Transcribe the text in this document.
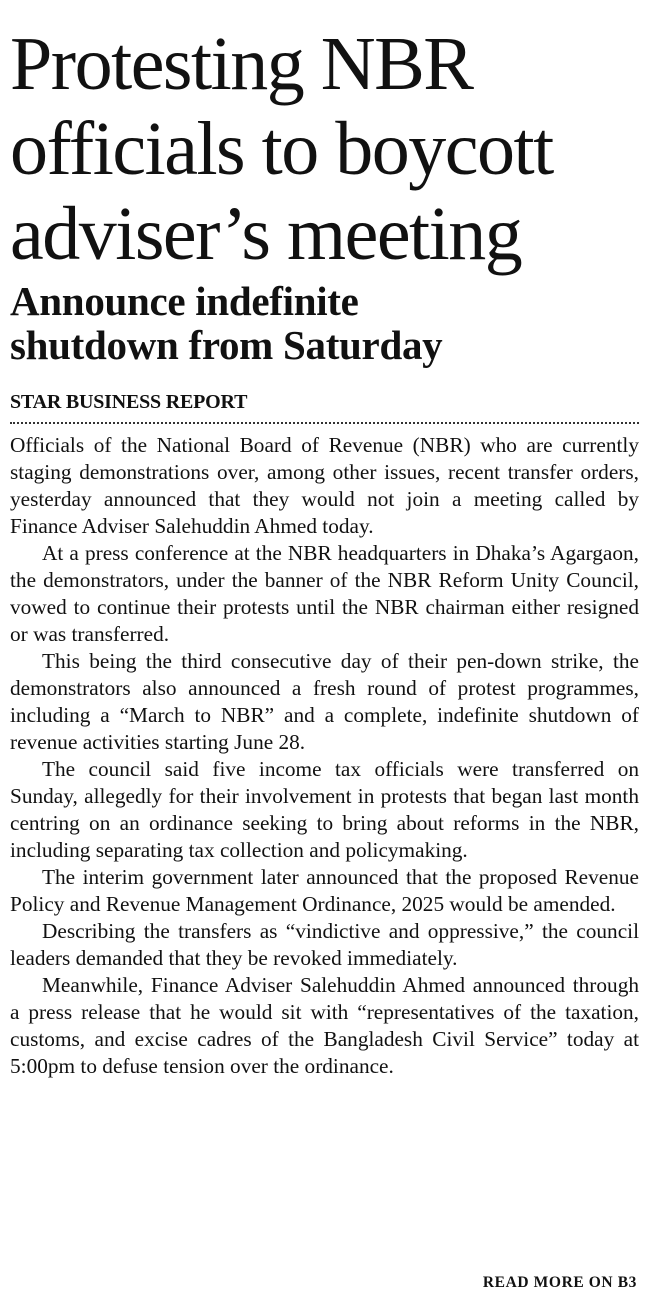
Protesting NBR
officials to boycott
adviser’s meeting
Announce indefinite
shutdown from Saturday
STAR BUSINESS REPORT

Officials of the National Board of Revenue (NBR) who are currently staging demonstrations over, among other issues, recent transfer orders, yesterday announced that they would not join a meeting called by Finance Adviser Salehuddin Ahmed today.

At a press conference at the NBR headquarters in Dhaka’s Agargaon, the demonstrators, under the banner of the NBR Reform Unity Council, vowed to continue their protests until the NBR chairman either resigned or was transferred.

This being the third consecutive day of their pen-down strike, the demonstrators also announced a fresh round of protest programmes, including a “March to NBR” and a complete, indefinite shutdown of revenue activities starting June 28.

The council said five income tax officials were transferred on Sunday, allegedly for their involvement in protests that began last month centring on an ordinance seeking to bring about reforms in the NBR, including separating tax collection and policymaking.

The interim government later announced that the proposed Revenue Policy and Revenue Management Ordinance, 2025 would be amended.

Describing the transfers as “vindictive and oppressive,” the council leaders demanded that they be revoked immediately.

Meanwhile, Finance Adviser Salehuddin Ahmed announced through a press release that he would sit with “representatives of the taxation, customs, and excise cadres of the Bangladesh Civil Service” today at 5:00pm to defuse tension over the ordinance.

READ MORE ON B3
